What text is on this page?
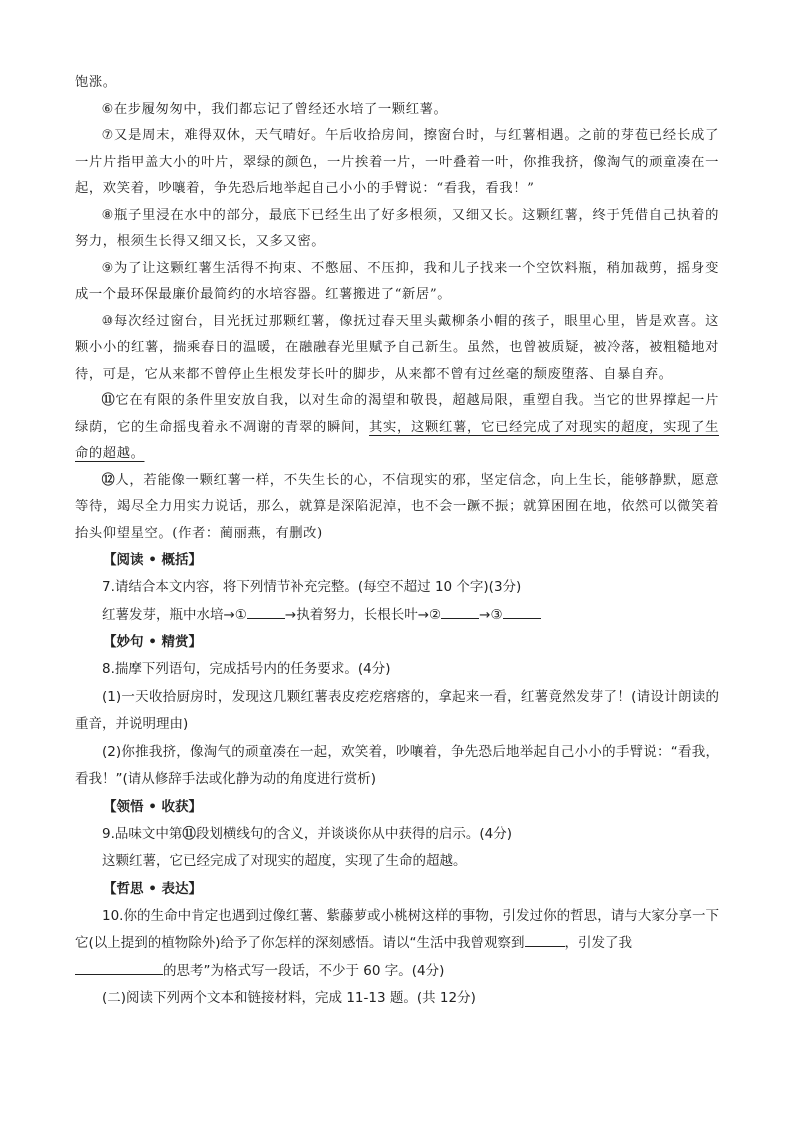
饱涨。

⑥在步履匆匆中，我们都忘记了曾经还水培了一颗红薯。

⑦又是周末，难得双休，天气晴好。午后收拾房间，擦窗台时，与红薯相遇。之前的芽苞已经长成了一片片指甲盖大小的叶片，翠绿的颜色，一片挨着一片，一叶叠着一叶，你推我挤，像淘气的顽童凑在一起，欢笑着，吵嚷着，争先恐后地举起自己小小的手臂说：“看我，看我！”

⑧瓶子里浸在水中的部分，最底下已经生出了好多根须，又细又长。这颗红薯，终于凭借自己执着的努力，根须生长得又细又长，又多又密。

⑨为了让这颗红薯生活得不拘束、不憋屈、不压抑，我和儿子找来一个空饮料瓶，稍加裁剪，摇身变成一个最环保最廉价最简约的水培容器。红薯搬进了“新居”。

⑩每次经过窗台，目光抚过那颗红薯，像抚过春天里头戴柳条小帽的孩子，眼里心里，皆是欢喜。这颗小小的红薯，揣乘春日的温暖，在融融春光里赋予自己新生。虽然，也曾被质疑，被冷落，被粗糙地对待，可是，它从来都不曾停止生根发芽长叶的脚步，从来都不曾有过丝毫的颓废堕落、自暴自弃。

⑪它在有限的条件里安放自我，以对生命的渴望和敬畏，超越局限，重塑自我。当它的世界撑起一片绿荫，它的生命摇曳着永不凋谢的青翠的瞬间，其实，这颗红薯，它已经完成了对现实的超度，实现了生命的超越。

⑫人，若能像一颗红薯一样，不失生长的心，不信现实的邪，坚定信念，向上生长，能够静默，愿意等待，竭尽全力用实力说话，那么，就算是深陷泥淖，也不会一蹶不振；就算困囿在地，依然可以微笑着抬头仰望星空。(作者：蔺丽燕，有删改)

【阅读 • 概括】

7.请结合本文内容，将下列情节补充完整。(每空不超过 10 个字)(3分)

红薯发芽，瓶中水培→①	→执着努力，长根长叶→②	→③

【妙句 • 精赏】

8.揣摩下列语句，完成括号内的任务要求。(4分)

(1)一天收拾厨房时，发现这几颗红薯表皮疙疙瘩瘩的，拿起来一看，红薯竟然发芽了！(请设计朗读的重音，并说明理由)

(2)你推我挤，像淘气的顽童凑在一起，欢笑着，吵嚷着，争先恐后地举起自己小小的手臂说：“看我，看我！”(请从修辞手法或化静为动的角度进行赏析)

【领悟 • 收获】

9.品味文中第⑪段划横线句的含义，并谈谈你从中获得的启示。(4分)

这颗红薯，它已经完成了对现实的超度，实现了生命的超越。

【哲思 • 表达】

10.你的生命中肯定也遇到过像红薯、紫藤萝或小桃树这样的事物，引发过你的哲思，请与大家分享一下它(以上提到的植物除外)给予了你怎样的深刻感悟。请以“生活中我曾观察到	，引发了我
的思考”为格式写一段话，不少于 60 字。(4分)

(二)阅读下列两个文本和链接材料，完成 11-13 题。(共 12分)
